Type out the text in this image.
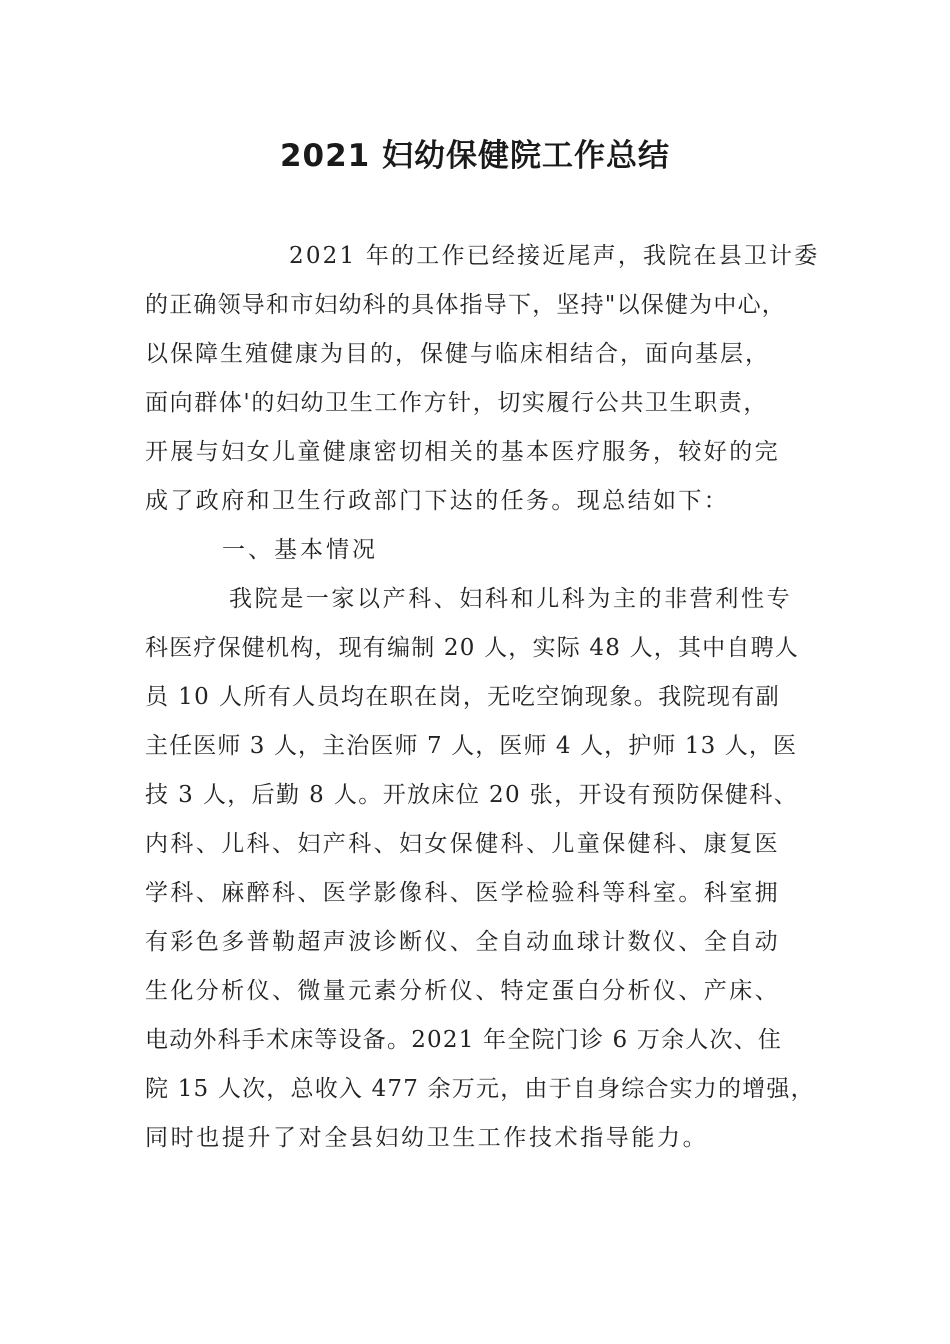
2021 妇幼保健院工作总结
2021 年的工作已经接近尾声，我院在县卫计委
的正确领导和市妇幼科的具体指导下，坚持"以保健为中心，
以保障生殖健康为目的，保健与临床相结合，面向基层，
面向群体'的妇幼卫生工作方针，切实履行公共卫生职责，
开展与妇女儿童健康密切相关的基本医疗服务，较好的完
成了政府和卫生行政部门下达的任务。现总结如下：
一、基本情况
我院是一家以产科、妇科和儿科为主的非营利性专
科医疗保健机构，现有编制 20 人，实际 48 人，其中自聘人
员 10 人所有人员均在职在岗，无吃空饷现象。我院现有副
主任医师 3 人，主治医师 7 人，医师 4 人，护师 13 人，医
技 3 人，后勤 8 人。开放床位 20 张，开设有预防保健科、
内科、儿科、妇产科、妇女保健科、儿童保健科、康复医
学科、麻醉科、医学影像科、医学检验科等科室。科室拥
有彩色多普勒超声波诊断仪、全自动血球计数仪、全自动
生化分析仪、微量元素分析仪、特定蛋白分析仪、产床、
电动外科手术床等设备。2021 年全院门诊 6 万余人次、住
院 15 人次，总收入 477 余万元，由于自身综合实力的增强，
同时也提升了对全县妇幼卫生工作技术指导能力。
